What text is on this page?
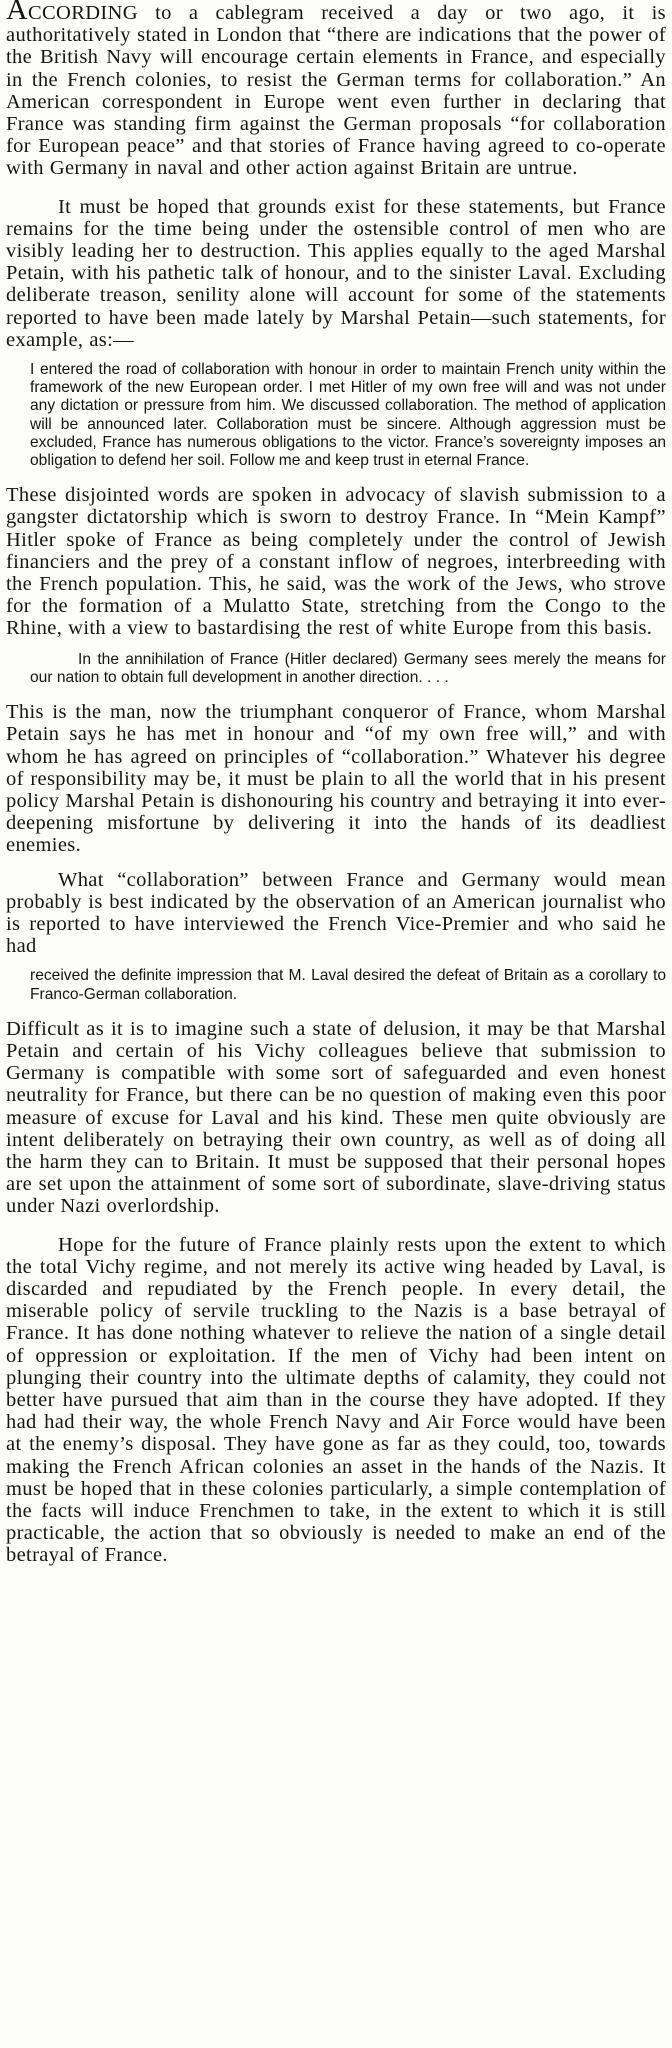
ACCORDING to a cablegram received a day or two ago, it is authoritatively stated in London that “there are indications that the power of the British Navy will encourage certain elements in France, and especially in the French colonies, to resist the German terms for collaboration.” An American correspondent in Europe went even further in declaring that France was standing firm against the German proposals “for collaboration for European peace” and that stories of France having agreed to co-operate with Germany in naval and other action against Britain are untrue.

It must be hoped that grounds exist for these statements, but France remains for the time being under the ostensible control of men who are visibly leading her to destruction. This applies equally to the aged Marshal Petain, with his pathetic talk of honour, and to the sinister Laval. Excluding deliberate treason, senility alone will account for some of the statements reported to have been made lately by Marshal Petain—such statements, for example, as:—

I entered the road of collaboration with honour in order to maintain French unity within the framework of the new European order. I met Hitler of my own free will and was not under any dictation or pressure from him. We discussed collaboration. The method of application will be announced later. Collaboration must be sincere. Although aggression must be excluded, France has numerous obligations to the victor. France’s sovereignty imposes an obligation to defend her soil. Follow me and keep trust in eternal France.

These disjointed words are spoken in advocacy of slavish submission to a gangster dictatorship which is sworn to destroy France. In “Mein Kampf” Hitler spoke of France as being completely under the control of Jewish financiers and the prey of a constant inflow of negroes, interbreeding with the French population. This, he said, was the work of the Jews, who strove for the formation of a Mulatto State, stretching from the Congo to the Rhine, with a view to bastardising the rest of white Europe from this basis.

In the annihilation of France (Hitler declared) Germany sees merely the means for our nation to obtain full development in another direction. . . .

This is the man, now the triumphant conqueror of France, whom Marshal Petain says he has met in honour and “of my own free will,” and with whom he has agreed on principles of “collaboration.” Whatever his degree of responsibility may be, it must be plain to all the world that in his present policy Marshal Petain is dishonouring his country and betraying it into ever-deepening misfortune by delivering it into the hands of its deadliest enemies.

What “collaboration” between France and Germany would mean probably is best indicated by the observation of an American journalist who is reported to have interviewed the French Vice-Premier and who said he had

received the definite impression that M. Laval desired the defeat of Britain as a corollary to Franco-German collaboration.

Difficult as it is to imagine such a state of delusion, it may be that Marshal Petain and certain of his Vichy colleagues believe that submission to Germany is compatible with some sort of safeguarded and even honest neutrality for France, but there can be no question of making even this poor measure of excuse for Laval and his kind. These men quite obviously are intent deliberately on betraying their own country, as well as of doing all the harm they can to Britain. It must be supposed that their personal hopes are set upon the attainment of some sort of subordinate, slave-driving status under Nazi overlordship.

Hope for the future of France plainly rests upon the extent to which the total Vichy regime, and not merely its active wing headed by Laval, is discarded and repudiated by the French people. In every detail, the miserable policy of servile truckling to the Nazis is a base betrayal of France. It has done nothing whatever to relieve the nation of a single detail of oppression or exploitation. If the men of Vichy had been intent on plunging their country into the ultimate depths of calamity, they could not better have pursued that aim than in the course they have adopted. If they had had their way, the whole French Navy and Air Force would have been at the enemy’s disposal. They have gone as far as they could, too, towards making the French African colonies an asset in the hands of the Nazis. It must be hoped that in these colonies particularly, a simple contemplation of the facts will induce Frenchmen to take, in the extent to which it is still practicable, the action that so obviously is needed to make an end of the betrayal of France.
